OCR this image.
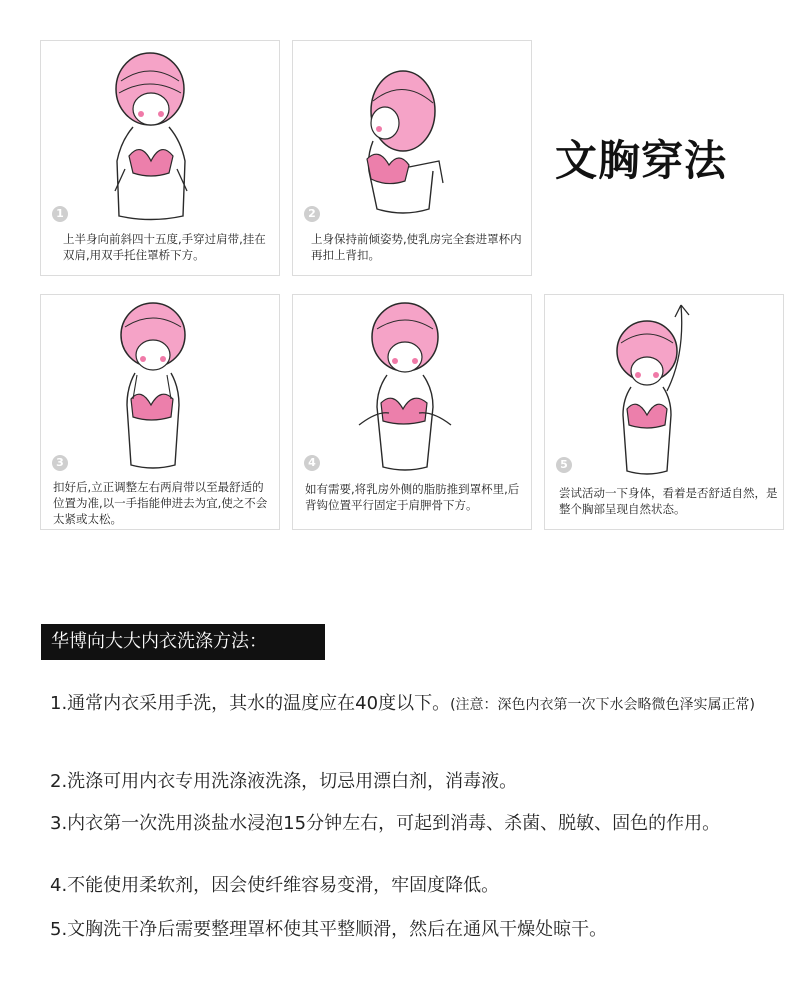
文胸穿法
1
上半身向前斜四十五度,手穿过肩带,挂在双肩,用双手托住罩桥下方。
2
上身保持前倾姿势,使乳房完全套进罩杯内再扣上背扣。
3
扣好后,立正调整左右两肩带以至最舒适的位置为准,以一手指能伸进去为宜,使之不会太紧或太松。
4
如有需要,将乳房外侧的脂肪推到罩杯里,后背钩位置平行固定于肩胛骨下方。
5
尝试活动一下身体，看着是否舒适自然，是整个胸部呈现自然状态。
华博向大大内衣洗涤方法：
1.通常内衣采用手洗，其水的温度应在40度以下。(注意：深色内衣第一次下水会略微色泽实属正常)
2.洗涤可用内衣专用洗涤液洗涤，切忌用漂白剂，消毒液。
3.内衣第一次洗用淡盐水浸泡15分钟左右，可起到消毒、杀菌、脱敏、固色的作用。
4.不能使用柔软剂，因会使纤维容易变滑，牢固度降低。
5.文胸洗干净后需要整理罩杯使其平整顺滑，然后在通风干燥处晾干。
